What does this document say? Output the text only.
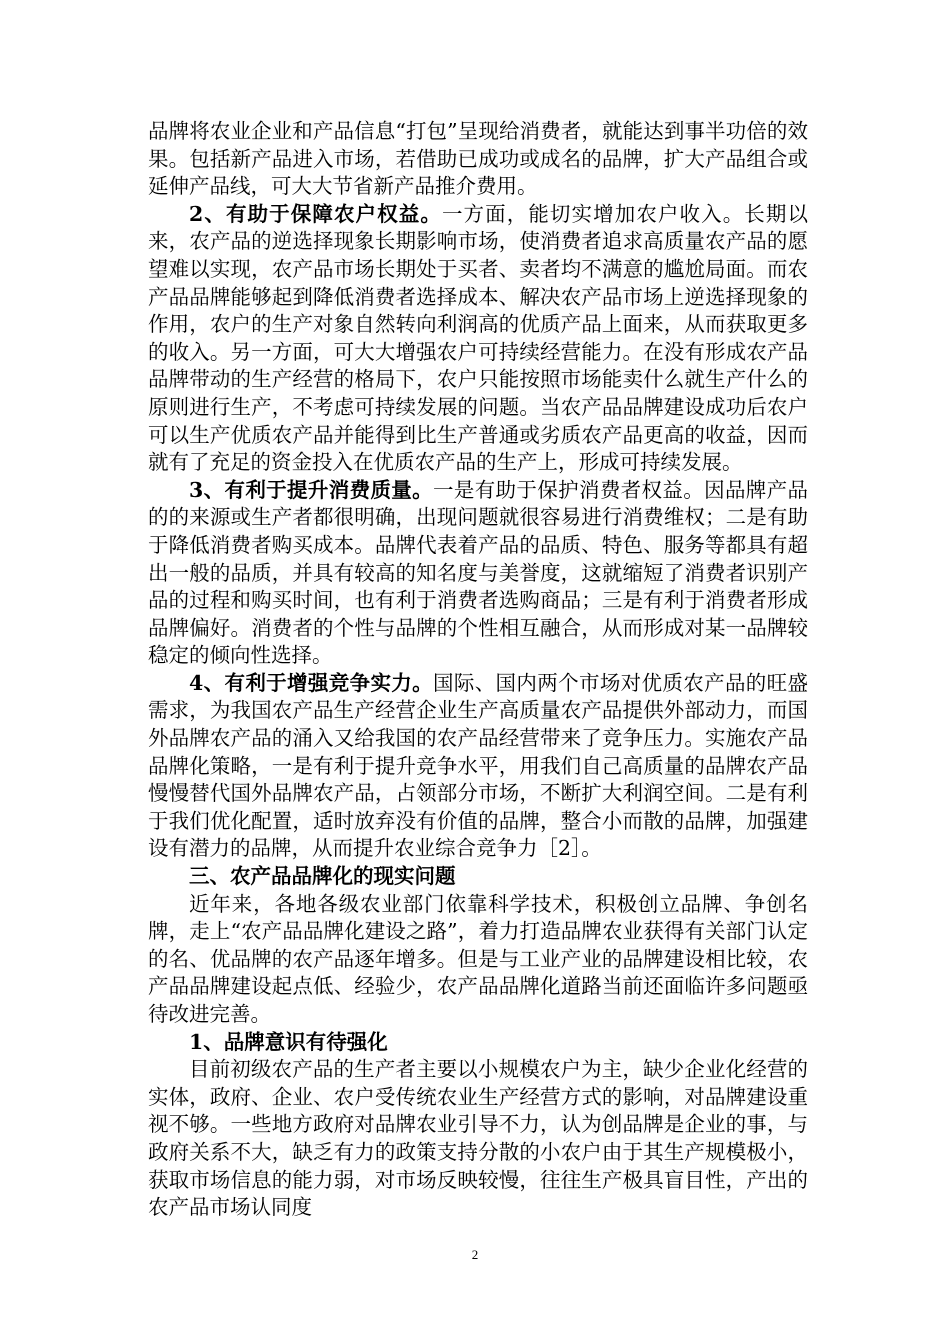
品牌将农业企业和产品信息“打包”呈现给消费者，就能达到事半功倍的效果。包括新产品进入市场，若借助已成功或成名的品牌，扩大产品组合或延伸产品线，可大大节省新产品推介费用。

2、有助于保障农户权益。一方面，能切实增加农户收入。长期以来，农产品的逆选择现象长期影响市场，使消费者追求高质量农产品的愿望难以实现，农产品市场长期处于买者、卖者均不满意的尴尬局面。而农产品品牌能够起到降低消费者选择成本、解决农产品市场上逆选择现象的作用，农户的生产对象自然转向利润高的优质产品上面来，从而获取更多的收入。另一方面，可大大增强农户可持续经营能力。在没有形成农产品品牌带动的生产经营的格局下，农户只能按照市场能卖什么就生产什么的原则进行生产，不考虑可持续发展的问题。当农产品品牌建设成功后农户可以生产优质农产品并能得到比生产普通或劣质农产品更高的收益，因而就有了充足的资金投入在优质农产品的生产上，形成可持续发展。

3、有利于提升消费质量。一是有助于保护消费者权益。因品牌产品的的来源或生产者都很明确，出现问题就很容易进行消费维权；二是有助于降低消费者购买成本。品牌代表着产品的品质、特色、服务等都具有超出一般的品质，并具有较高的知名度与美誉度，这就缩短了消费者识别产品的过程和购买时间，也有利于消费者选购商品；三是有利于消费者形成品牌偏好。消费者的个性与品牌的个性相互融合，从而形成对某一品牌较稳定的倾向性选择。

4、有利于增强竞争实力。国际、国内两个市场对优质农产品的旺盛需求，为我国农产品生产经营企业生产高质量农产品提供外部动力，而国外品牌农产品的涌入又给我国的农产品经营带来了竞争压力。实施农产品品牌化策略，一是有利于提升竞争水平，用我们自己高质量的品牌农产品慢慢替代国外品牌农产品，占领部分市场，不断扩大利润空间。二是有利于我们优化配置，适时放弃没有价值的品牌，整合小而散的品牌，加强建设有潜力的品牌，从而提升农业综合竞争力［2］。

三、农产品品牌化的现实问题

近年来，各地各级农业部门依靠科学技术，积极创立品牌、争创名牌，走上“农产品品牌化建设之路”，着力打造品牌农业获得有关部门认定的名、优品牌的农产品逐年增多。但是与工业产业的品牌建设相比较，农产品品牌建设起点低、经验少，农产品品牌化道路当前还面临许多问题亟待改进完善。

1、品牌意识有待强化

目前初级农产品的生产者主要以小规模农户为主，缺少企业化经营的实体，政府、企业、农户受传统农业生产经营方式的影响，对品牌建设重视不够。一些地方政府对品牌农业引导不力，认为创品牌是企业的事，与政府关系不大，缺乏有力的政策支持分散的小农户由于其生产规模极小，获取市场信息的能力弱，对市场反映较慢，往往生产极具盲目性，产出的农产品市场认同度

2
